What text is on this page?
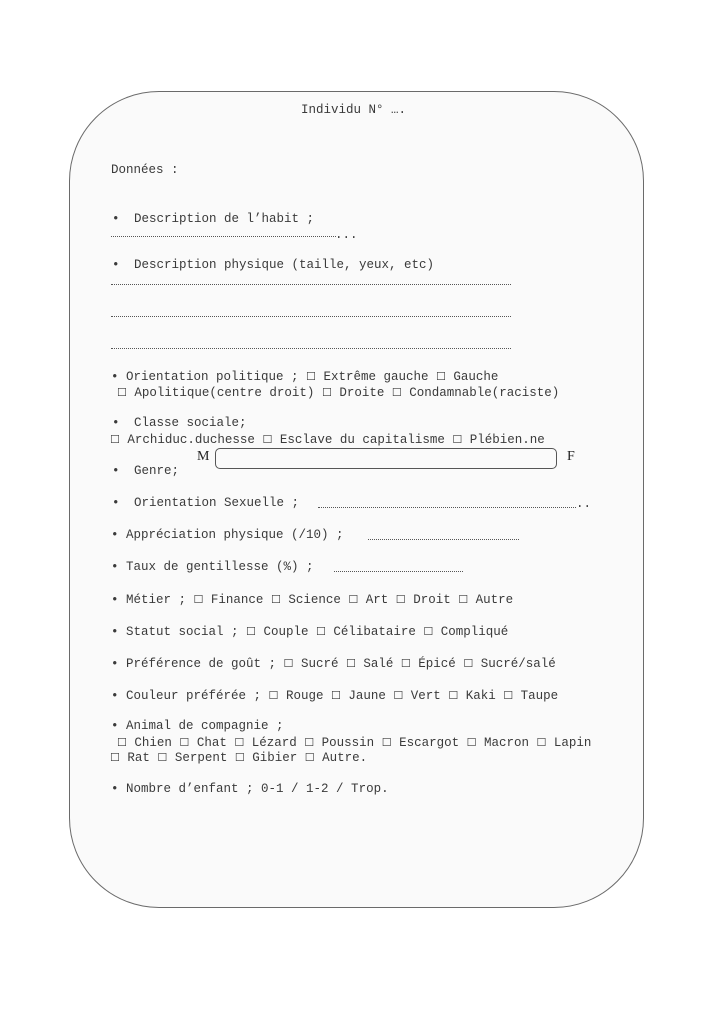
Individu N° ….
Données :
• Description de l’habit ;
...
• Description physique (taille, yeux, etc)
• Orientation politique ; ☐ Extrême gauche ☐ Gauche
☐ Apolitique(centre droit) ☐ Droite ☐ Condamnable(raciste)
• Classe sociale;
☐ Archiduc.duchesse ☐ Esclave du capitalisme ☐ Plébien.ne
M	F
• Genre;
• Orientation Sexuelle ;	..
• Appréciation physique (/10) ;
• Taux de gentillesse (%) ;
• Métier ; ☐ Finance ☐ Science ☐ Art ☐ Droit ☐ Autre
• Statut social ; ☐ Couple ☐ Célibataire ☐ Compliqué
• Préférence de goût ; ☐ Sucré ☐ Salé ☐ Épicé ☐ Sucré/salé
• Couleur préférée ; ☐ Rouge ☐ Jaune ☐ Vert ☐ Kaki ☐ Taupe
• Animal de compagnie ;
☐ Chien ☐ Chat ☐ Lézard ☐ Poussin ☐ Escargot ☐ Macron ☐ Lapin
☐ Rat ☐ Serpent ☐ Gibier ☐ Autre.
• Nombre d’enfant ; 0-1 / 1-2 / Trop.
